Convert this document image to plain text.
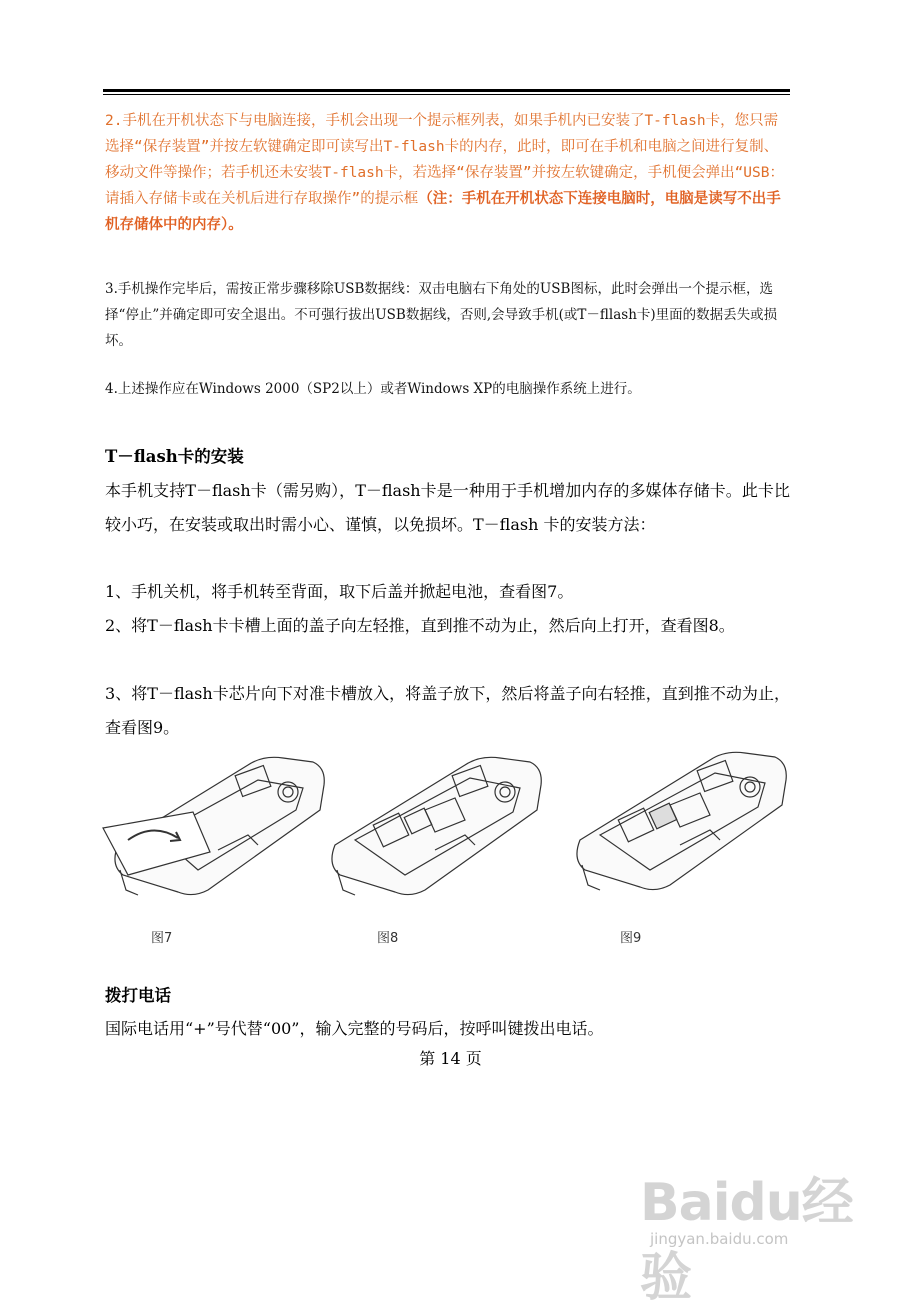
2.手机在开机状态下与电脑连接，手机会出现一个提示框列表，如果手机内已安装了T-flash卡，您只需选择“保存装置”并按左软键确定即可读写出T-flash卡的内存，此时，即可在手机和电脑之间进行复制、移动文件等操作；若手机还未安装T-flash卡，若选择“保存装置”并按左软键确定，手机便会弹出“USB：请插入存储卡或在关机后进行存取操作”的提示框（注：手机在开机状态下连接电脑时，电脑是读写不出手机存储体中的内存）。
3.手机操作完毕后，需按正常步骤移除USB数据线：双击电脑右下角处的USB图标，此时会弹出一个提示框，选择“停止”并确定即可安全退出。不可强行拔出USB数据线，否则,会导致手机(或T－fllash卡)里面的数据丢失或损坏。
4.上述操作应在Windows 2000（SP2以上）或者Windows XP的电脑操作系统上进行。
T－flash卡的安装
本手机支持T－flash卡（需另购），T－flash卡是一种用于手机增加内存的多媒体存储卡。此卡比较小巧，在安装或取出时需小心、谨慎，以免损坏。T－flash 卡的安装方法：
1、手机关机，将手机转至背面，取下后盖并掀起电池，查看图7。
2、将T－flash卡卡槽上面的盖子向左轻推，直到推不动为止，然后向上打开，查看图8。
3、将T－flash卡芯片向下对准卡槽放入，将盖子放下，然后将盖子向右轻推，直到推不动为止，查看图9。
图7	图8	图9
拨打电话
国际电话用“+”号代替“00”，输入完整的号码后，按呼叫键拨出电话。
第 14 页
Baidu经验
jingyan.baidu.com
